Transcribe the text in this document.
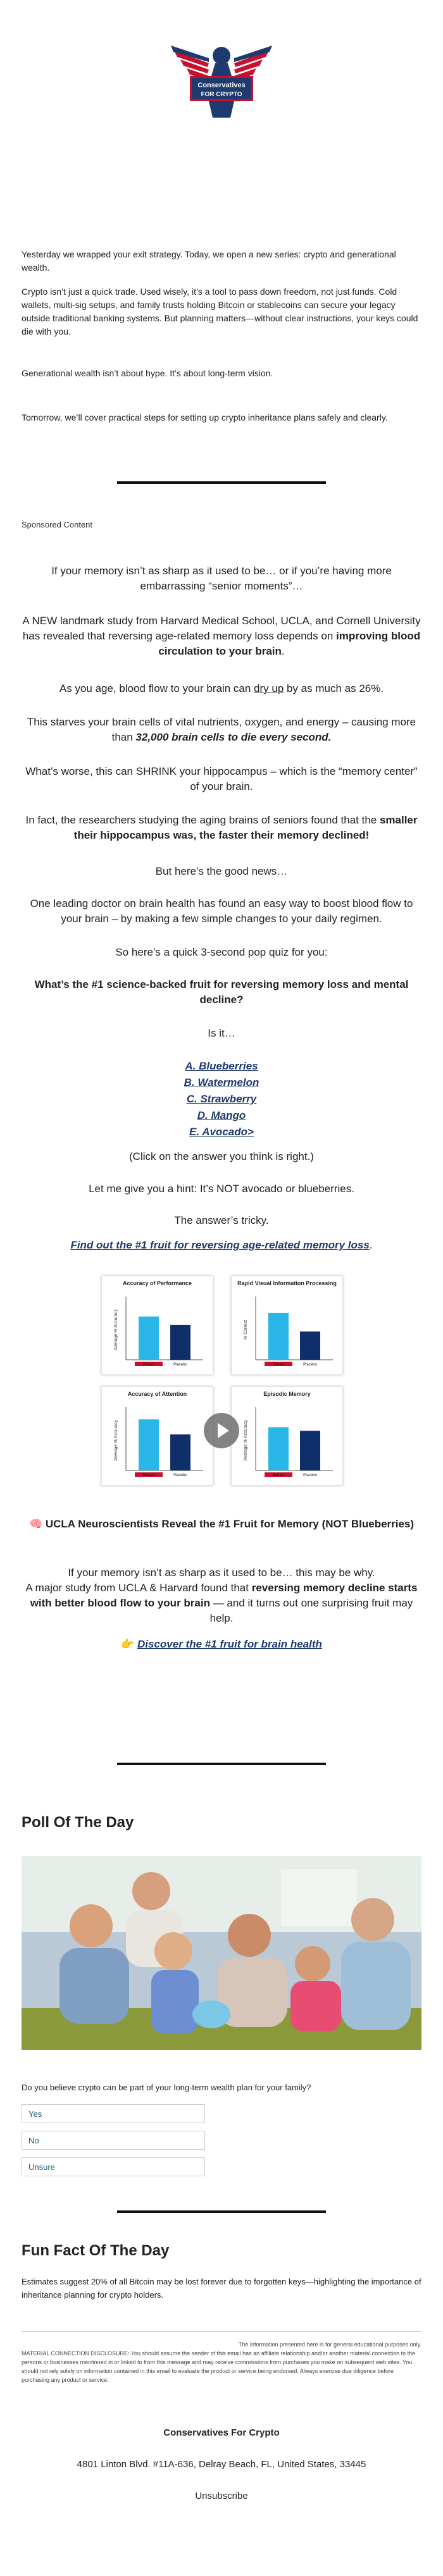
Conservatives
FOR CRYPTO

Yesterday we wrapped your exit strategy. Today, we open a new series: crypto and generational wealth.

Crypto isn’t just a quick trade. Used wisely, it’s a tool to pass down freedom, not just funds. Cold wallets, multi-sig setups, and family trusts holding Bitcoin or stablecoins can secure your legacy outside traditional banking systems. But planning matters—without clear instructions, your keys could die with you.

Generational wealth isn’t about hype. It’s about long-term vision.

Tomorrow, we’ll cover practical steps for setting up crypto inheritance plans safely and clearly.

Sponsored Content

If your memory isn’t as sharp as it used to be… or if you’re having more embarrassing “senior moments”…

A NEW landmark study from Harvard Medical School, UCLA, and Cornell University has revealed that reversing age-related memory loss depends on improving blood circulation to your brain.

As you age, blood flow to your brain can dry up by as much as 26%.

This starves your brain cells of vital nutrients, oxygen, and energy – causing more than 32,000 brain cells to die every second.

What’s worse, this can SHRINK your hippocampus – which is the “memory center” of your brain.

In fact, the researchers studying the aging brains of seniors found that the smaller their hippocampus was, the faster their memory declined!

But here’s the good news…

One leading doctor on brain health has found an easy way to boost blood flow to your brain – by making a few simple changes to your daily regimen.

So here’s a quick 3-second pop quiz for you:

What’s the #1 science-backed fruit for reversing memory loss and mental decline?

Is it…

A. Blueberries
B. Watermelon
C. Strawberry
D. Mango
E. Avocado>

(Click on the answer you think is right.)

Let me give you a hint: It’s NOT avocado or blueberries.

The answer’s tricky.

Find out the #1 fruit for reversing age-related memory loss.

Accuracy of Performance
Average % Accuracy
Extract	Placebo
Rapid Visual Information Processing
% Correct
Extract	Placebo
Accuracy of Attention
Average % Accuracy
Extract	Placebo
Episodic Memory
Average % Accuracy
Extract	Placebo

🧠 UCLA Neuroscientists Reveal the #1 Fruit for Memory (NOT Blueberries)

If your memory isn’t as sharp as it used to be… this may be why.

A major study from UCLA & Harvard found that reversing memory decline starts with better blood flow to your brain — and it turns out one surprising fruit may help.

👉 Discover the #1 fruit for brain health

Poll Of The Day

Do you believe crypto can be part of your long-term wealth plan for your family?

Yes
No
Unsure
Fun Fact Of The Day

Estimates suggest 20% of all Bitcoin may be lost forever due to forgotten keys—highlighting the importance of inheritance planning for crypto holders.

The information presented here is for general educational purposes only.
MATERIAL CONNECTION DISCLOSURE: You should assume the sender of this email has an affiliate relationship and/or another material connection to the persons or businesses mentioned in or linked to from this message and may receive commissions from purchases you make on subsequent web sites. You should not rely solely on information contained in this email to evaluate the product or service being endorsed. Always exercise due diligence before purchasing any product or service.
Conservatives For Crypto
4801 Linton Blvd. #11A-636, Delray Beach, FL, United States, 33445
Unsubscribe
